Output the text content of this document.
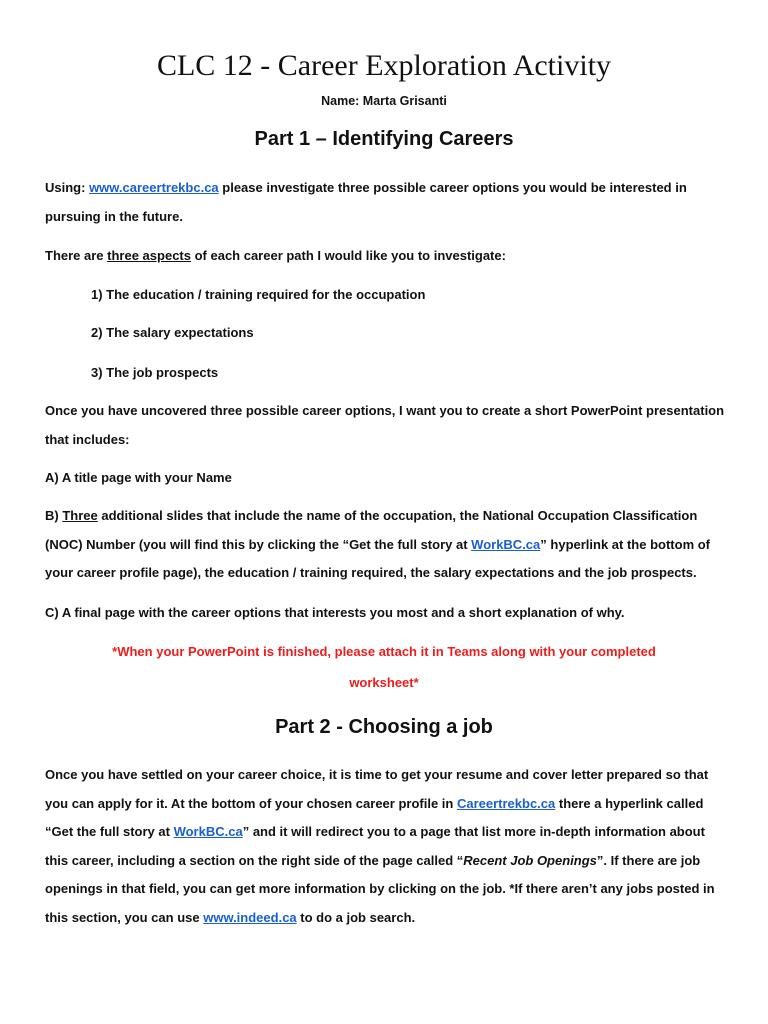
CLC 12 - Career Exploration Activity
Name: Marta Grisanti
Part 1 – Identifying Careers

Using: www.careertrekbc.ca please investigate three possible career options you would be interested in pursuing in the future.

There are three aspects of each career path I would like you to investigate:

1) The education / training required for the occupation

2) The salary expectations

3) The job prospects

Once you have uncovered three possible career options, I want you to create a short PowerPoint presentation that includes:

A) A title page with your Name

B) Three additional slides that include the name of the occupation, the National Occupation Classification (NOC) Number (you will find this by clicking the “Get the full story at WorkBC.ca” hyperlink at the bottom of your career profile page), the education / training required, the salary expectations and the job prospects.

C) A final page with the career options that interests you most and a short explanation of why.

*When your PowerPoint is finished, please attach it in Teams along with your completed

worksheet*

Part 2 - Choosing a job

Once you have settled on your career choice, it is time to get your resume and cover letter prepared so that you can apply for it. At the bottom of your chosen career profile in Careertrekbc.ca there a hyperlink called “Get the full story at WorkBC.ca” and it will redirect you to a page that list more in-depth information about this career, including a section on the right side of the page called “Recent Job Openings”. If there are job openings in that field, you can get more information by clicking on the job. *If there aren’t any jobs posted in this section, you can use www.indeed.ca to do a job search.
